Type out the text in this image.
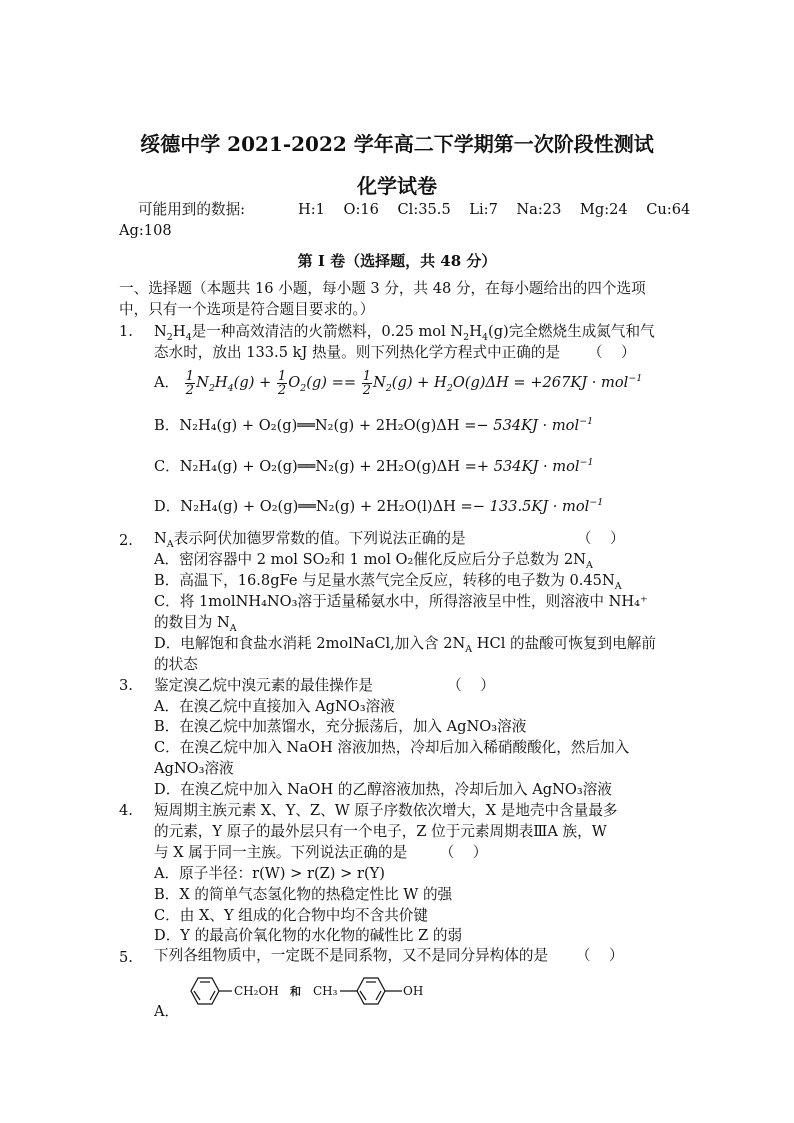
绥德中学 2021-2022 学年高二下学期第一次阶段性测试
化学试卷
可能用到的数据:	H:1    O:16    Cl:35.5    Li:7    Na:23    Mg:24    Cu:64
Ag:108
第 I 卷（选择题，共 48 分）
一、选择题（本题共 16 小题，每小题 3 分，共 48 分，在每小题给出的四个选项
中，只有一个选项是符合题目要求的。）
1. $N_2H_4$是一种高效清洁的火箭燃料，0.25 mol $N_2H_4(g)$完全燃烧生成氮气和气
态水时，放出 133.5 kJ 热量。则下列热化学方程式中正确的是      （    ）
A． $\frac{1}{2} N_2H_4(g) + \frac{1}{2} O_2(g) == \frac{1}{2} N_2(g) + H_2O(g)\Delta H = +267KJ \cdot mol^{-1}$
B．N₂H₄(g) + O₂(g)══N₂(g) + 2H₂O(g)ΔH =− 534KJ · mol$^{-1}$
C．N₂H₄(g) + O₂(g)══N₂(g) + 2H₂O(g)ΔH =+ 534KJ · mol$^{-1}$
D．N₂H₄(g) + O₂(g)══N₂(g) + 2H₂O(l)ΔH =− 133.5KJ · mol$^{-1}$
2. $N_A$表示阿伏加德罗常数的值。下列说法正确的是                        （    ）
A．密闭容器中 2 mol SO₂和 1 mol O₂催化反应后分子总数为 $2N_A$
B．高温下，16.8gFe 与足量水蒸气完全反应，转移的电子数为 $0.45N_A$
C．将 1molNH₄NO₃溶于适量稀氨水中，所得溶液呈中性，则溶液中 NH₄⁺
的数目为 $N_A$
D．电解饱和食盐水消耗 2molNaCl,加入含 $2N_A$ HCl 的盐酸可恢复到电解前
的状态
3. 鉴定溴乙烷中溴元素的最佳操作是                （    ）
A．在溴乙烷中直接加入 AgNO₃溶液
B．在溴乙烷中加蒸馏水，充分振荡后，加入 AgNO₃溶液
C．在溴乙烷中加入 NaOH 溶液加热，冷却后加入稀硝酸酸化，然后加入
AgNO₃溶液
D．在溴乙烷中加入 NaOH 的乙醇溶液加热，冷却后加入 AgNO₃溶液
4. 短周期主族元素 X、Y、Z、W 原子序数依次增大，X 是地壳中含量最多
的元素，Y 原子的最外层只有一个电子，Z 位于元素周期表ⅢA 族，W
与 X 属于同一主族。下列说法正确的是       （    ）
A．原子半径：r(W) > r(Z) > r(Y)
B．X 的简单气态氢化物的热稳定性比 W 的强
C．由 X、Y 组成的化合物中均不含共价键
D．Y 的最高价氧化物的水化物的碱性比 Z 的弱
5. 下列各组物质中，一定既不是同系物，又不是同分异构体的是      （    ）
A．
CH₂OH 和 CH₃	OH
